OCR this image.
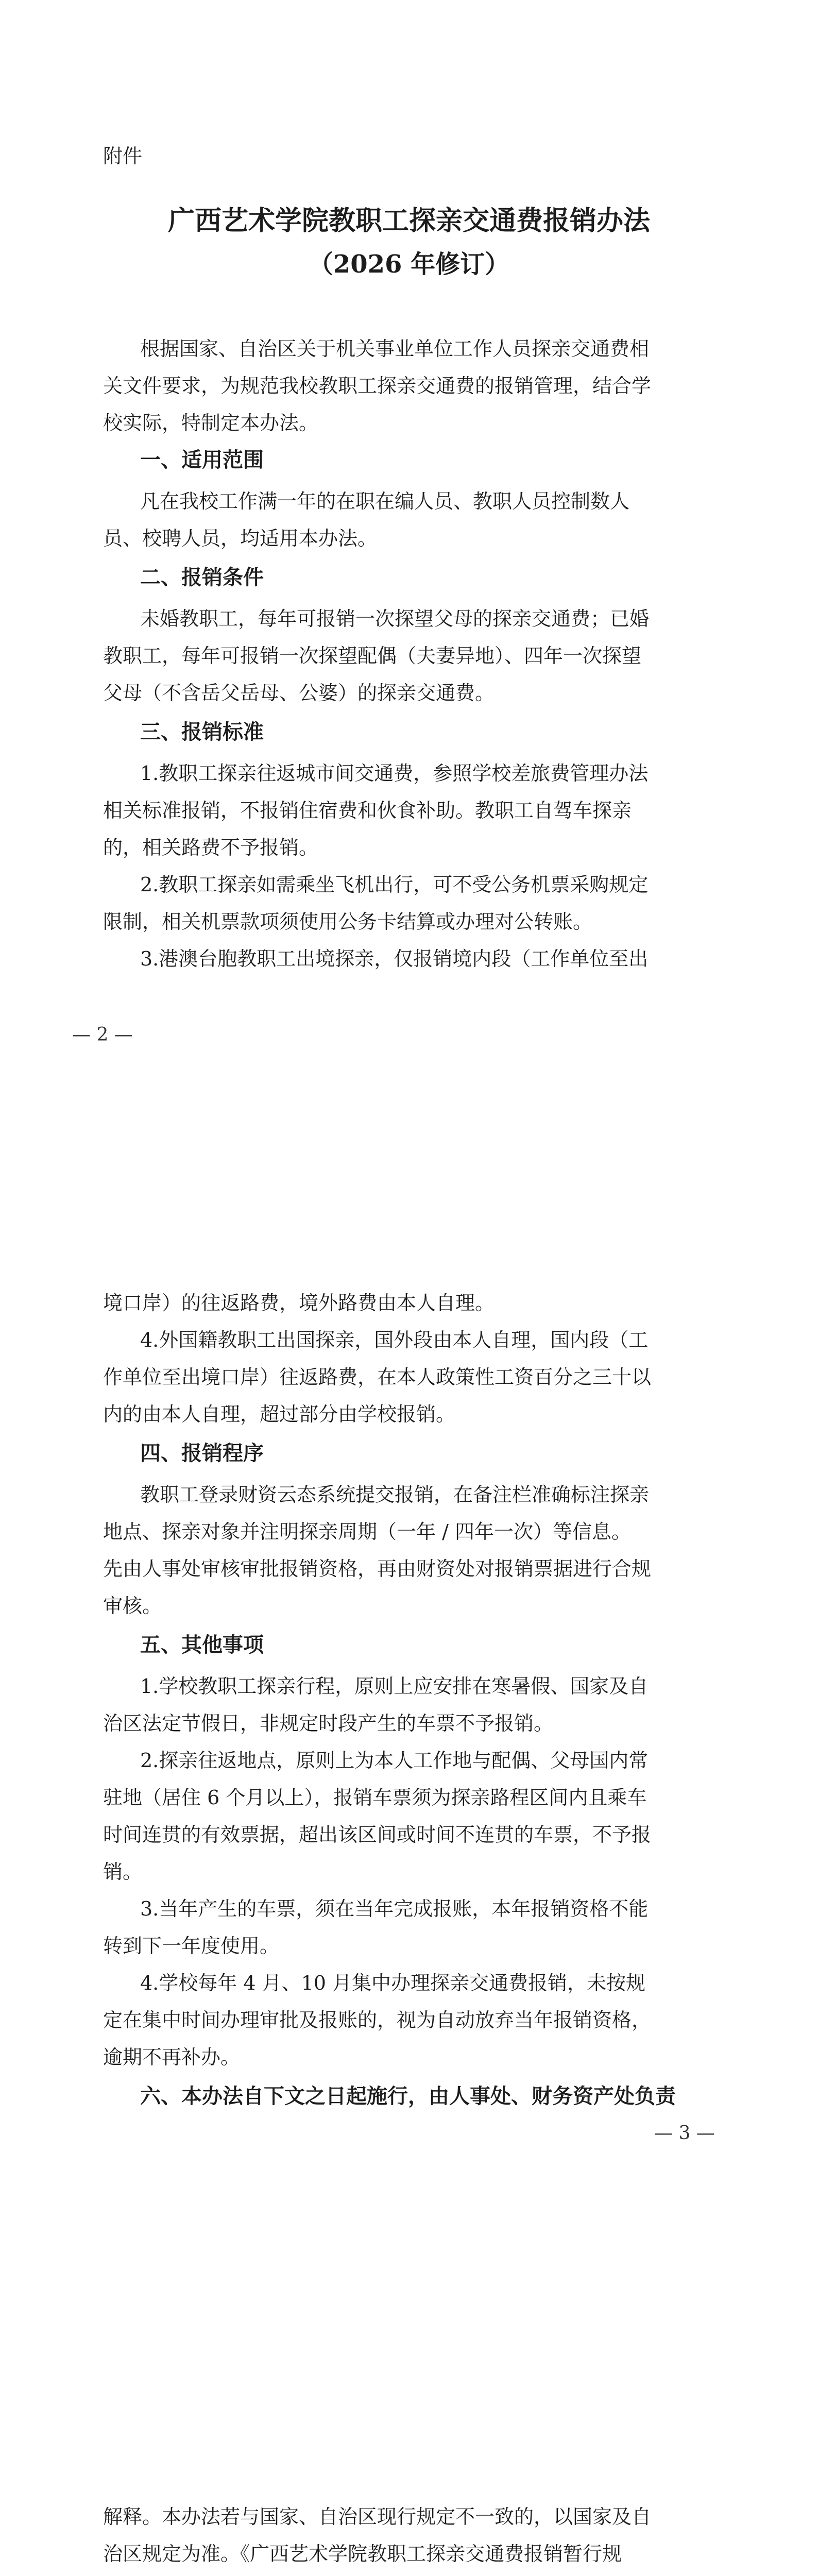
附件
广西艺术学院教职工探亲交通费报销办法
（2026 年修订）
根据国家、自治区关于机关事业单位工作人员探亲交通费相
关文件要求，为规范我校教职工探亲交通费的报销管理，结合学
校实际，特制定本办法。
一、适用范围
凡在我校工作满一年的在职在编人员、教职人员控制数人
员、校聘人员，均适用本办法。
二、报销条件
未婚教职工，每年可报销一次探望父母的探亲交通费；已婚
教职工，每年可报销一次探望配偶（夫妻异地）、四年一次探望
父母（不含岳父岳母、公婆）的探亲交通费。
三、报销标准
1.教职工探亲往返城市间交通费，参照学校差旅费管理办法
相关标准报销，不报销住宿费和伙食补助。教职工自驾车探亲
的，相关路费不予报销。
2.教职工探亲如需乘坐飞机出行，可不受公务机票采购规定
限制，相关机票款项须使用公务卡结算或办理对公转账。
3.港澳台胞教职工出境探亲，仅报销境内段（工作单位至出
— 2 —
境口岸）的往返路费，境外路费由本人自理。
4.外国籍教职工出国探亲，国外段由本人自理，国内段（工
作单位至出境口岸）往返路费，在本人政策性工资百分之三十以
内的由本人自理，超过部分由学校报销。
四、报销程序
教职工登录财资云态系统提交报销，在备注栏准确标注探亲
地点、探亲对象并注明探亲周期（一年 / 四年一次）等信息。
先由人事处审核审批报销资格，再由财资处对报销票据进行合规
审核。
五、其他事项
1.学校教职工探亲行程，原则上应安排在寒暑假、国家及自
治区法定节假日，非规定时段产生的车票不予报销。
2.探亲往返地点，原则上为本人工作地与配偶、父母国内常
驻地（居住 6 个月以上），报销车票须为探亲路程区间内且乘车
时间连贯的有效票据，超出该区间或时间不连贯的车票，不予报
销。
3.当年产生的车票，须在当年完成报账，本年报销资格不能
转到下一年度使用。
4.学校每年 4 月、10 月集中办理探亲交通费报销，未按规
定在集中时间办理审批及报账的，视为自动放弃当年报销资格，
逾期不再补办。
六、本办法自下文之日起施行，由人事处、财务资产处负责
— 3 —
解释。本办法若与国家、自治区现行规定不一致的，以国家及自
治区规定为准。《广西艺术学院教职工探亲交通费报销暂行规
